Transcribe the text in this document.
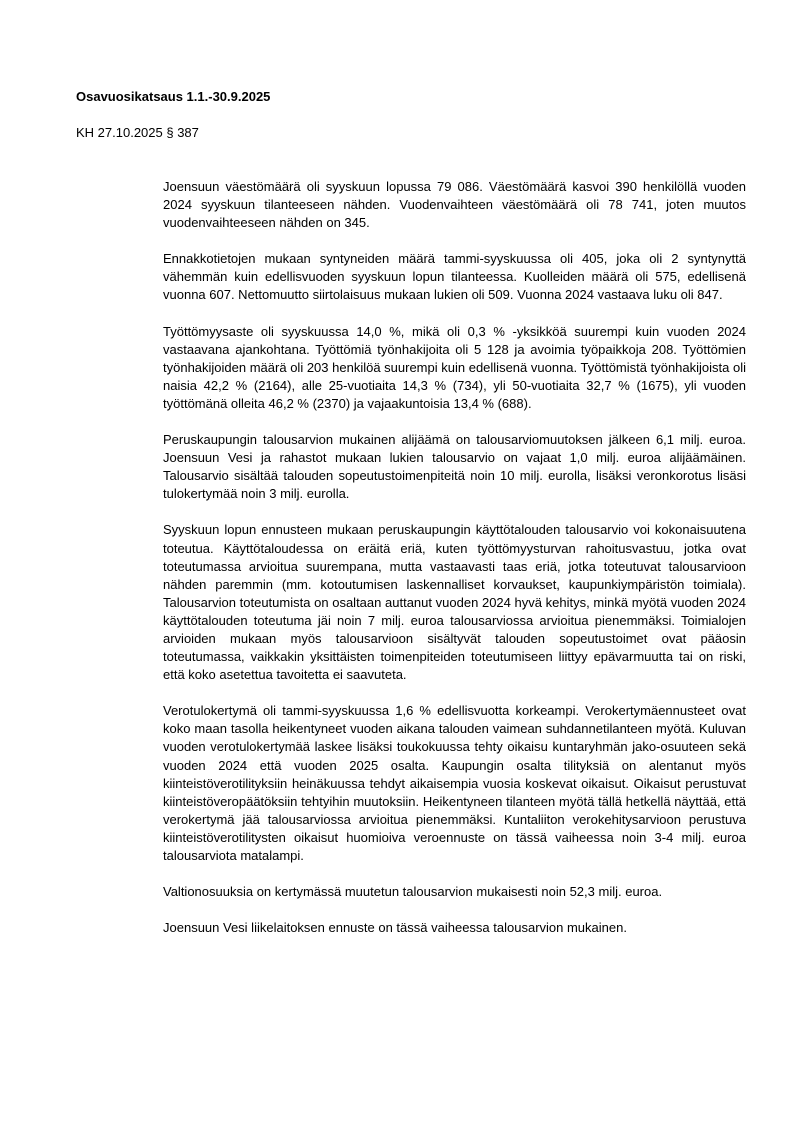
Osavuosikatsaus 1.1.-30.9.2025
KH 27.10.2025 § 387

Joensuun väestömäärä oli syyskuun lopussa 79 086. Väestömäärä kasvoi 390 henkilöllä vuoden 2024 syyskuun tilanteeseen nähden. Vuodenvaihteen väestömäärä oli 78 741, joten muutos vuodenvaihteeseen nähden on 345.

Ennakkotietojen mukaan syntyneiden määrä tammi-syyskuussa oli 405, joka oli 2 syntynyttä vähemmän kuin edellisvuoden syyskuun lopun tilanteessa. Kuolleiden määrä oli 575, edellisenä vuonna 607. Nettomuutto siirtolaisuus mukaan lukien oli 509. Vuonna 2024 vastaava luku oli 847.

Työttömyysaste oli syyskuussa 14,0 %, mikä oli 0,3 % -yksikköä suurempi kuin vuoden 2024 vastaavana ajankohtana. Työttömiä työnhakijoita oli 5 128 ja avoimia työpaikkoja 208. Työttömien työnhakijoiden määrä oli 203 henkilöä suurempi kuin edellisenä vuonna. Työttömistä työnhakijoista oli naisia 42,2 % (2164), alle 25-vuotiaita 14,3 % (734), yli 50-vuotiaita 32,7 % (1675), yli vuoden työttömänä olleita 46,2 % (2370) ja vajaakuntoisia 13,4 % (688).

Peruskaupungin talousarvion mukainen alijäämä on talousarviomuutoksen jälkeen 6,1 milj. euroa. Joensuun Vesi ja rahastot mukaan lukien talousarvio on vajaat 1,0 milj. euroa alijäämäinen. Talousarvio sisältää talouden sopeutustoimenpiteitä noin 10 milj. eurolla, lisäksi veronkorotus lisäsi tulokertymää noin 3 milj. eurolla.

Syyskuun lopun ennusteen mukaan peruskaupungin käyttötalouden talousarvio voi kokonaisuutena toteutua. Käyttötaloudessa on eräitä eriä, kuten työttömyysturvan rahoitusvastuu, jotka ovat toteutumassa arvioitua suurempana, mutta vastaavasti taas eriä, jotka toteutuvat talousarvioon nähden paremmin (mm. kotoutumisen laskennalliset korvaukset, kaupunkiympäristön toimiala). Talousarvion toteutumista on osaltaan auttanut vuoden 2024 hyvä kehitys, minkä myötä vuoden 2024 käyttötalouden toteutuma jäi noin 7 milj. euroa talousarviossa arvioitua pienemmäksi. Toimialojen arvioiden mukaan myös talousarvioon sisältyvät talouden sopeutustoimet ovat pääosin toteutumassa, vaikkakin yksittäisten toimenpiteiden toteutumiseen liittyy epävarmuutta tai on riski, että koko asetettua tavoitetta ei saavuteta.

Verotulokertymä oli tammi-syyskuussa 1,6 % edellisvuotta korkeampi. Verokertymäennusteet ovat koko maan tasolla heikentyneet vuoden aikana talouden vaimean suhdannetilanteen myötä. Kuluvan vuoden verotulokertymää laskee lisäksi toukokuussa tehty oikaisu kuntaryhmän jako-osuuteen sekä vuoden 2024 että vuoden 2025 osalta. Kaupungin osalta tilityksiä on alentanut myös kiinteistöverotilityksiin heinäkuussa tehdyt aikaisempia vuosia koskevat oikaisut. Oikaisut perustuvat kiinteistöveropäätöksiin tehtyihin muutoksiin. Heikentyneen tilanteen myötä tällä hetkellä näyttää, että verokertymä jää talousarviossa arvioitua pienemmäksi. Kuntaliiton verokehitysarvioon perustuva kiinteistöverotilitysten oikaisut huomioiva veroennuste on tässä vaiheessa noin 3-4 milj. euroa talousarviota matalampi.

Valtionosuuksia on kertymässä muutetun talousarvion mukaisesti noin 52,3 milj. euroa.

Joensuun Vesi liikelaitoksen ennuste on tässä vaiheessa talousarvion mukainen.
